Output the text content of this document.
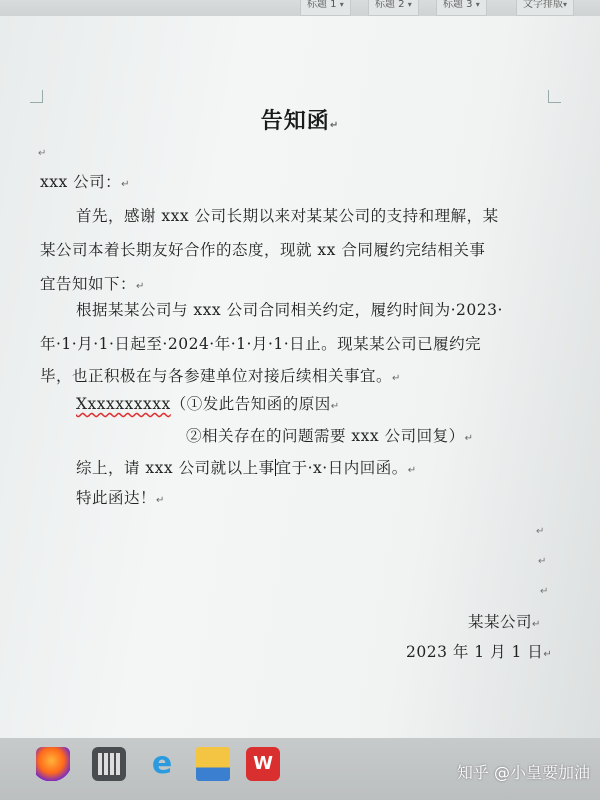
标题 1 ▾	标题 2 ▾	标题 3 ▾	文字排版▾
告知函↵
↵
xxx 公司：↵
首先，感谢 xxx 公司长期以来对某某公司的支持和理解，某
某公司本着长期友好合作的态度，现就 xx 合同履约完结相关事
宜告知如下：↵
根据某某公司与 xxx 公司合同相关约定，履约时间为·2023·
年·1·月·1·日起至·2024·年·1·月·1·日止。现某某公司已履约完
毕，也正积极在与各参建单位对接后续相关事宜。↵
Xxxxxxxxxx（①发此告知函的原因↵
②相关存在的问题需要 xxx 公司回复）↵
综上，请 xxx 公司就以上事宜于·x·日内回函。↵
特此函达！↵
↵
↵
↵
某某公司↵
2023 年 1 月 1 日↵
e	W	知乎 @小皇要加油
